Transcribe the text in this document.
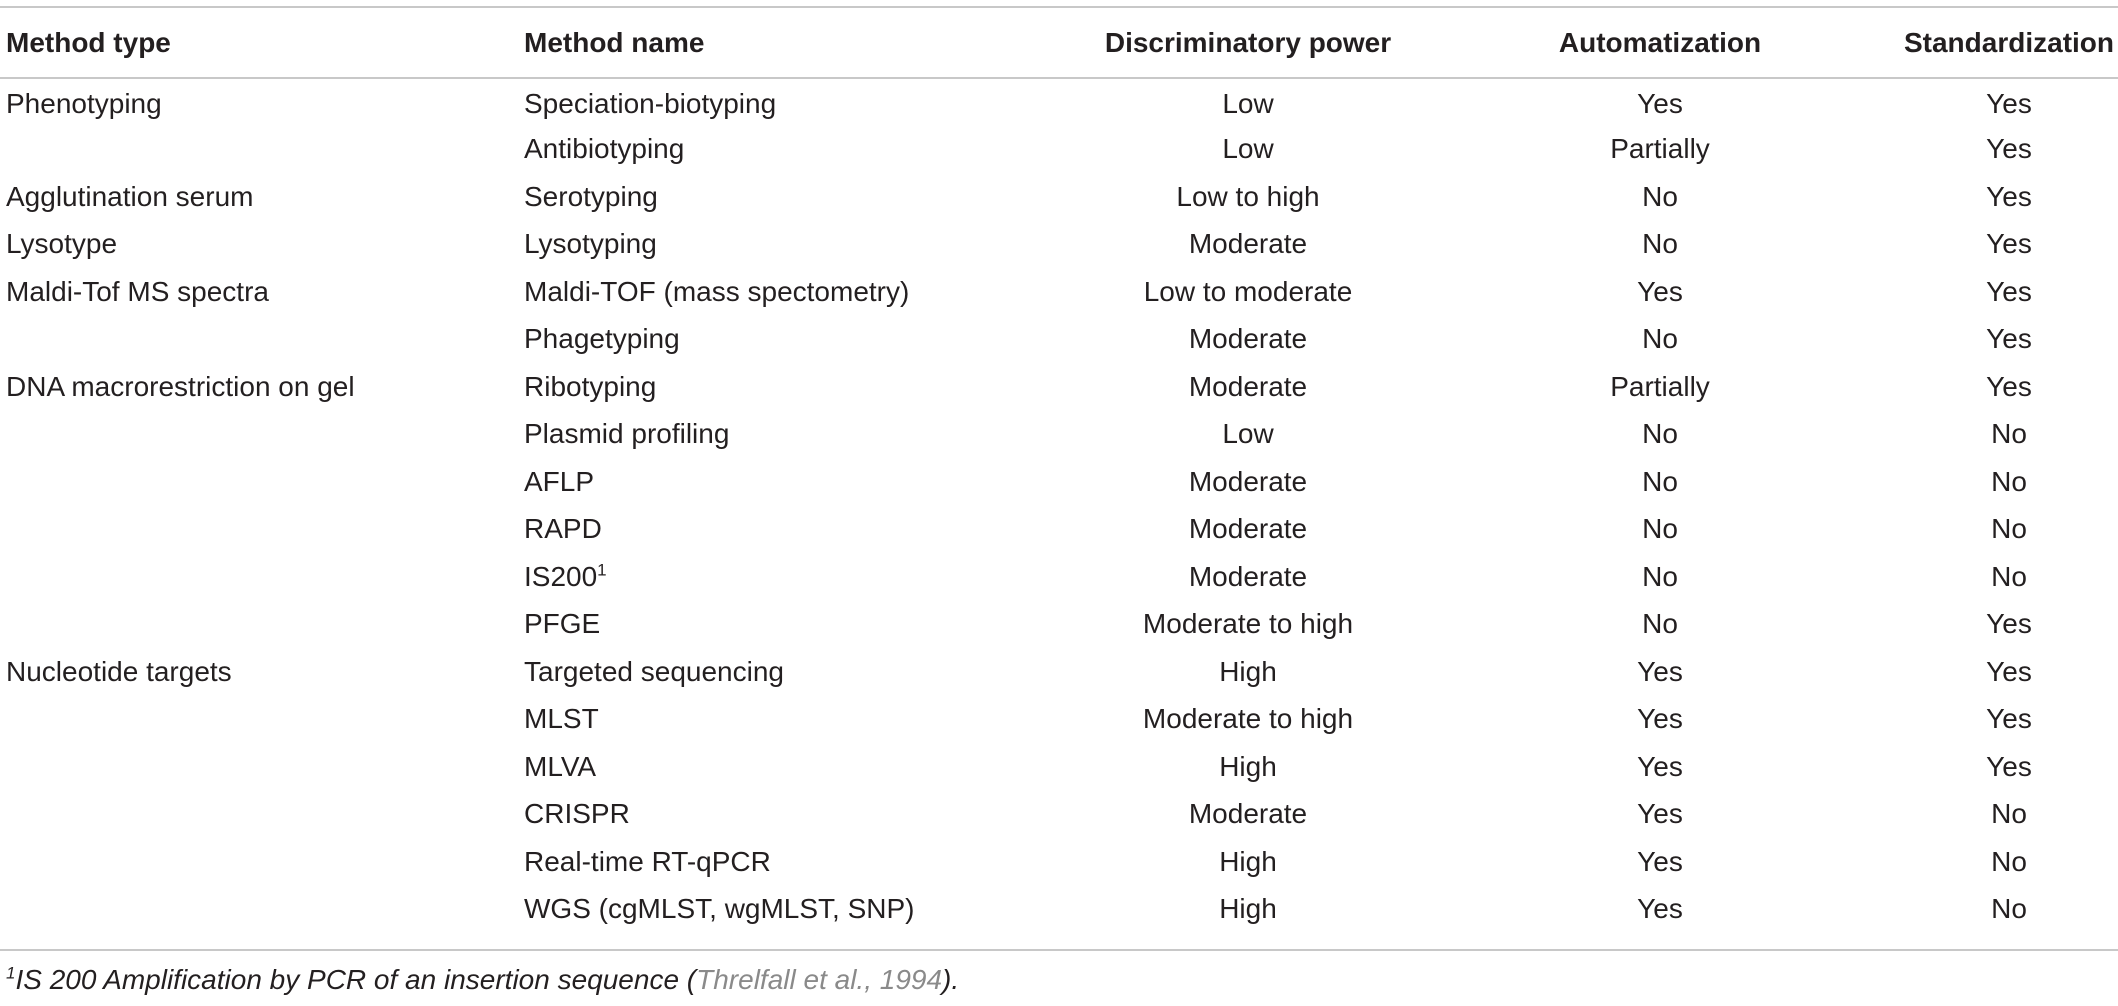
Method type	Method name	Discriminatory power	Automatization	Standardization
Phenotyping	Speciation-biotyping	Low	Yes	Yes
	Antibiotyping	Low	Partially	Yes
Agglutination serum	Serotyping	Low to high	No	Yes
Lysotype	Lysotyping	Moderate	No	Yes
Maldi-Tof MS spectra	Maldi-TOF (mass spectometry)	Low to moderate	Yes	Yes
	Phagetyping	Moderate	No	Yes
DNA macrorestriction on gel	Ribotyping	Moderate	Partially	Yes
	Plasmid profiling	Low	No	No
	AFLP	Moderate	No	No
	RAPD	Moderate	No	No
	$IS200^1$	Moderate	No	No
	PFGE	Moderate to high	No	Yes
Nucleotide targets	Targeted sequencing	High	Yes	Yes
	MLST	Moderate to high	Yes	Yes
	MLVA	High	Yes	Yes
	CRISPR	Moderate	Yes	No
	Real-time RT-qPCR	High	Yes	No
	WGS (cgMLST, wgMLST, SNP)	High	Yes	No
$^1$IS 200 Amplification by PCR of an insertion sequence (Threlfall et al., 1994).
